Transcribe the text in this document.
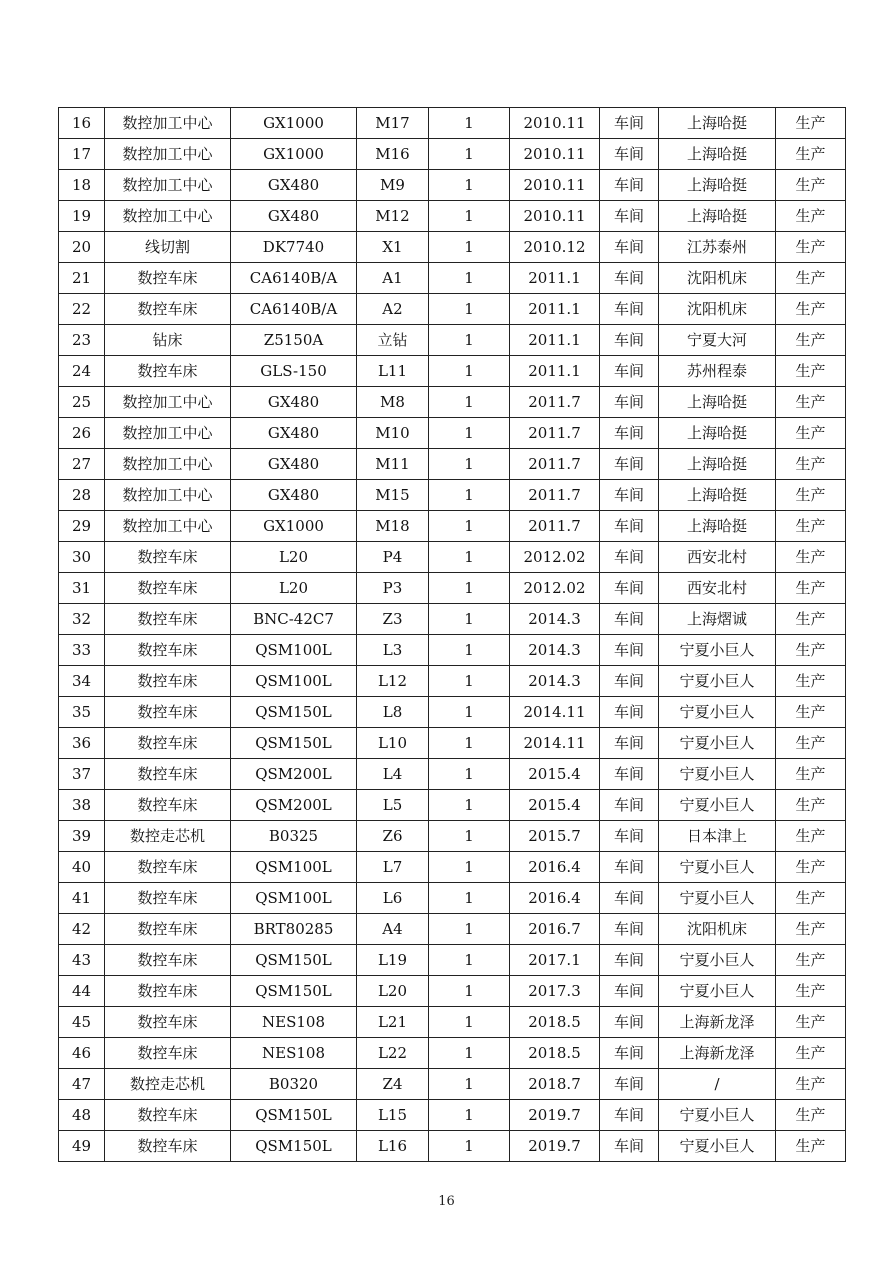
16	数控加工中心	GX1000	M17	1	2010.11	车间	上海哈挺	生产
17	数控加工中心	GX1000	M16	1	2010.11	车间	上海哈挺	生产
18	数控加工中心	GX480	M9	1	2010.11	车间	上海哈挺	生产
19	数控加工中心	GX480	M12	1	2010.11	车间	上海哈挺	生产
20	线切割	DK7740	X1	1	2010.12	车间	江苏泰州	生产
21	数控车床	CA6140B/A	A1	1	2011.1	车间	沈阳机床	生产
22	数控车床	CA6140B/A	A2	1	2011.1	车间	沈阳机床	生产
23	钻床	Z5150A	立钻	1	2011.1	车间	宁夏大河	生产
24	数控车床	GLS-150	L11	1	2011.1	车间	苏州程泰	生产
25	数控加工中心	GX480	M8	1	2011.7	车间	上海哈挺	生产
26	数控加工中心	GX480	M10	1	2011.7	车间	上海哈挺	生产
27	数控加工中心	GX480	M11	1	2011.7	车间	上海哈挺	生产
28	数控加工中心	GX480	M15	1	2011.7	车间	上海哈挺	生产
29	数控加工中心	GX1000	M18	1	2011.7	车间	上海哈挺	生产
30	数控车床	L20	P4	1	2012.02	车间	西安北村	生产
31	数控车床	L20	P3	1	2012.02	车间	西安北村	生产
32	数控车床	BNC-42C7	Z3	1	2014.3	车间	上海熠诚	生产
33	数控车床	QSM100L	L3	1	2014.3	车间	宁夏小巨人	生产
34	数控车床	QSM100L	L12	1	2014.3	车间	宁夏小巨人	生产
35	数控车床	QSM150L	L8	1	2014.11	车间	宁夏小巨人	生产
36	数控车床	QSM150L	L10	1	2014.11	车间	宁夏小巨人	生产
37	数控车床	QSM200L	L4	1	2015.4	车间	宁夏小巨人	生产
38	数控车床	QSM200L	L5	1	2015.4	车间	宁夏小巨人	生产
39	数控走芯机	B0325	Z6	1	2015.7	车间	日本津上	生产
40	数控车床	QSM100L	L7	1	2016.4	车间	宁夏小巨人	生产
41	数控车床	QSM100L	L6	1	2016.4	车间	宁夏小巨人	生产
42	数控车床	BRT80285	A4	1	2016.7	车间	沈阳机床	生产
43	数控车床	QSM150L	L19	1	2017.1	车间	宁夏小巨人	生产
44	数控车床	QSM150L	L20	1	2017.3	车间	宁夏小巨人	生产
45	数控车床	NES108	L21	1	2018.5	车间	上海新龙泽	生产
46	数控车床	NES108	L22	1	2018.5	车间	上海新龙泽	生产
47	数控走芯机	B0320	Z4	1	2018.7	车间	/	生产
48	数控车床	QSM150L	L15	1	2019.7	车间	宁夏小巨人	生产
49	数控车床	QSM150L	L16	1	2019.7	车间	宁夏小巨人	生产
16
